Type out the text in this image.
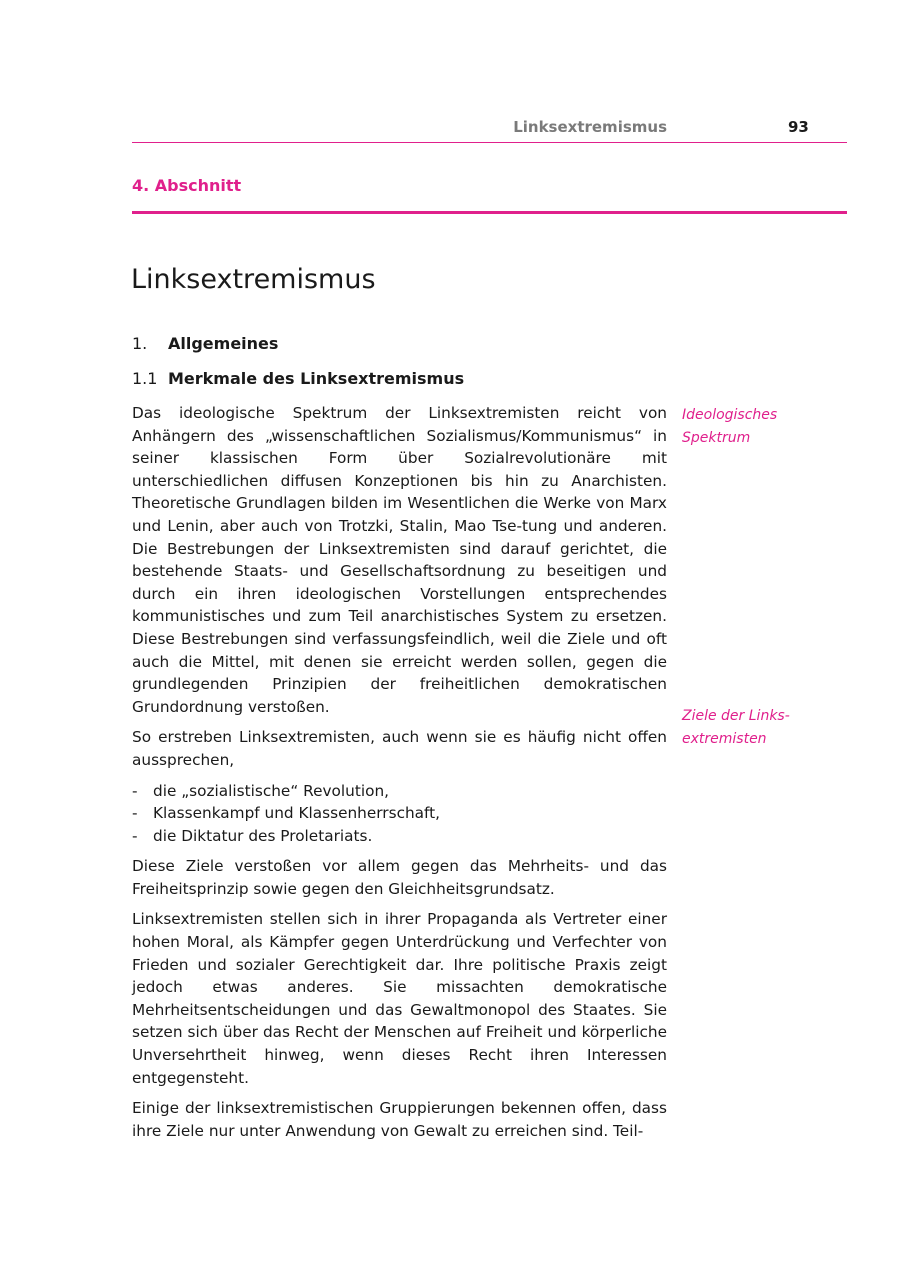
Linksextremismus	93
4. Abschnitt
Linksextremismus
1. Allgemeines
1.1 Merkmale des Linksextremismus

Das ideologische Spektrum der Linksextremisten reicht von Anhängern des „wissenschaftlichen Sozialismus/Kommunismus“ in seiner klassischen Form über Sozialrevolutionäre mit unterschiedlichen diffusen Konzeptionen bis hin zu Anarchisten. Theoretische Grundlagen bilden im Wesentlichen die Werke von Marx und Lenin, aber auch von Trotzki, Stalin, Mao Tse-tung und anderen. Die Bestrebungen der Linksextremisten sind darauf gerichtet, die bestehende Staats- und Gesellschaftsordnung zu beseitigen und durch ein ihren ideologischen Vorstellungen entsprechendes kommunistisches und zum Teil anarchistisches System zu ersetzen. Diese Bestrebungen sind verfassungsfeindlich, weil die Ziele und oft auch die Mittel, mit denen sie erreicht werden sollen, gegen die grundlegenden Prinzipien der freiheitlichen demokratischen Grundordnung verstoßen.

So erstreben Linksextremisten, auch wenn sie es häufig nicht offen aussprechen,

- die „sozialistische“ Revolution,
- Klassenkampf und Klassenherrschaft,
- die Diktatur des Proletariats.

Diese Ziele verstoßen vor allem gegen das Mehrheits- und das Freiheitsprinzip sowie gegen den Gleichheitsgrundsatz.

Linksextremisten stellen sich in ihrer Propaganda als Vertreter einer hohen Moral, als Kämpfer gegen Unterdrückung und Verfechter von Frieden und sozialer Gerechtigkeit dar. Ihre politische Praxis zeigt jedoch etwas anderes. Sie missachten demokratische Mehrheitsentscheidungen und das Gewaltmonopol des Staates. Sie setzen sich über das Recht der Menschen auf Freiheit und körperliche Unversehrtheit hinweg, wenn dieses Recht ihren Interessen entgegensteht.

Einige der linksextremistischen Gruppierungen bekennen offen, dass ihre Ziele nur unter Anwendung von Gewalt zu erreichen sind. Teil-

Ideologisches
Spektrum
Ziele der Links-
extremisten
